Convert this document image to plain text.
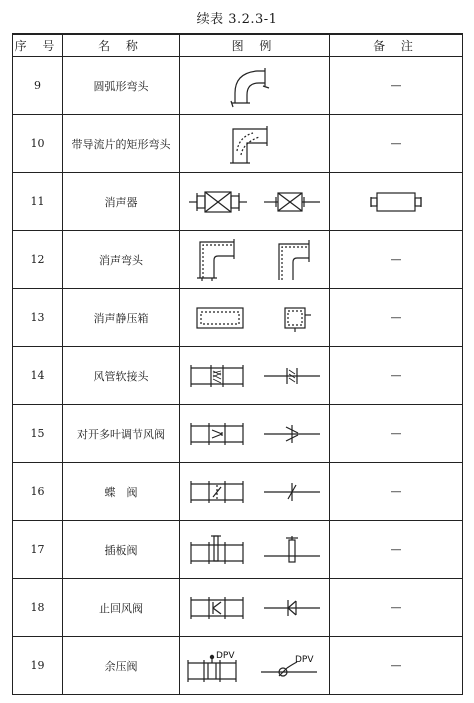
续表 3.2.3-1
序 号	名 称	图 例	备 注
9	圆弧形弯头		—
10	带导流片的矩形弯头		—
11	消声器	

12	消声弯头		—
13	消声静压箱		—
14	风管软接头		—
15	对开多叶调节风阀		—
16	蝶　阀		—
17	插板阀		—
18	止回风阀		—
19	余压阀	DPV DPV	—
